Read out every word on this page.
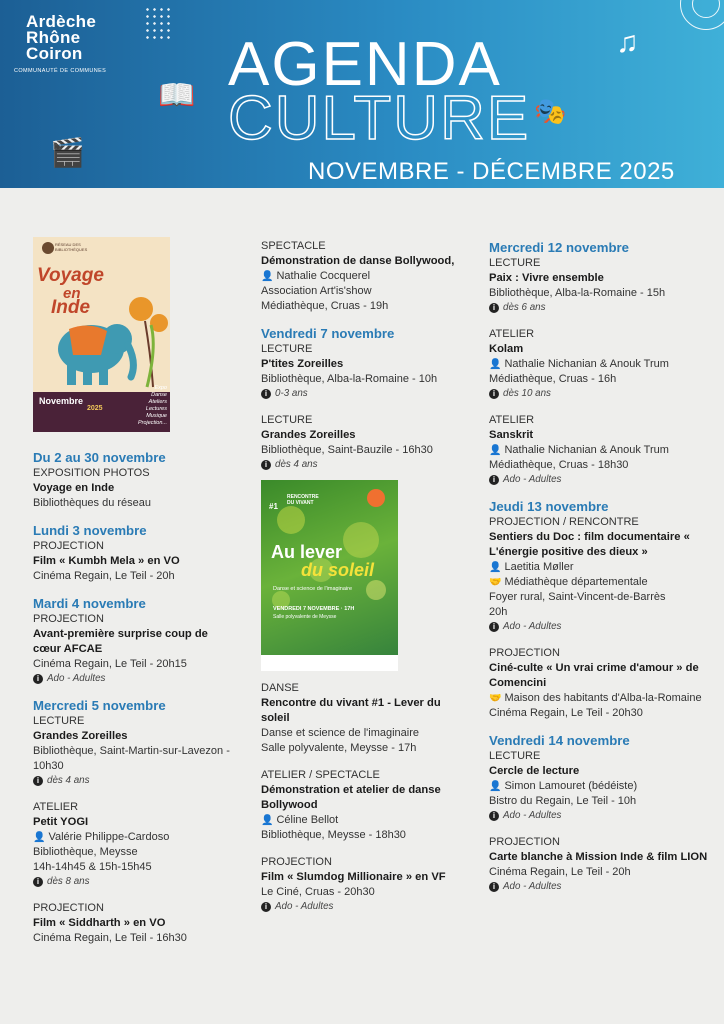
Ardèche
Rhône
Coiron
COMMUNAUTÉ DE COMMUNES
📖
🎬
♫
🎭
AGENDA
CULTURE
NOVEMBRE - DÉCEMBRE 2025
RÉSEAU DES BIBLIOTHÈQUES
Voyage
en
Inde
Novembre
2025
Expo
Danse
Ateliers
Lectures
Musique
Projection...
#1
RENCONTRE DU VIVANT
Au lever
du soleil
Danse et science de l'imaginaire
VENDREDI 7 NOVEMBRE · 17H
Salle polyvalente de Meysse
Du 2 au 30 novembre
EXPOSITION PHOTOS
Voyage en Inde
Bibliothèques du réseau
Lundi 3 novembre
PROJECTION
Film « Kumbh Mela » en VO
Cinéma Regain, Le Teil - 20h
Mardi 4 novembre
PROJECTION
Avant-première surprise coup de cœur AFCAE
Cinéma Regain, Le Teil - 20h15
i Ado - Adultes
Mercredi 5 novembre
LECTURE
Grandes Zoreilles
Bibliothèque, Saint-Martin-sur-Lavezon - 10h30
i dès 4 ans
ATELIER
Petit YOGI
👤 Valérie Philippe-Cardoso
Bibliothèque, Meysse
14h-14h45 & 15h-15h45
i dès 8 ans
PROJECTION
Film « Siddharth » en VO
Cinéma Regain, Le Teil - 16h30
SPECTACLE
Démonstration de danse Bollywood,
👤 Nathalie Cocquerel
Association Art'is'show
Médiathèque, Cruas - 19h
Vendredi 7 novembre
LECTURE
P'tites Zoreilles
Bibliothèque, Alba-la-Romaine - 10h
i 0-3 ans
LECTURE
Grandes Zoreilles
Bibliothèque, Saint-Bauzile - 16h30
i dès 4 ans
DANSE
Rencontre du vivant #1 - Lever du soleil
Danse et science de l'imaginaire
Salle polyvalente, Meysse - 17h
ATELIER / SPECTACLE
Démonstration et atelier de danse Bollywood
👤 Céline Bellot
Bibliothèque, Meysse - 18h30
PROJECTION
Film « Slumdog Millionaire » en VF
Le Ciné, Cruas - 20h30
i Ado - Adultes
Mercredi 12 novembre
LECTURE
Paix : Vivre ensemble
Bibliothèque, Alba-la-Romaine - 15h
i dès 6 ans
ATELIER
Kolam
👤 Nathalie Nichanian & Anouk Trum
Médiathèque, Cruas - 16h
i dès 10 ans
ATELIER
Sanskrit
👤 Nathalie Nichanian & Anouk Trum
Médiathèque, Cruas - 18h30
i Ado - Adultes
Jeudi 13 novembre
PROJECTION / RENCONTRE
Sentiers du Doc : film documentaire « L'énergie positive des dieux »
👤 Laetitia Møller
🤝 Médiathèque départementale
Foyer rural, Saint-Vincent-de-Barrès
20h
i Ado - Adultes
PROJECTION
Ciné-culte « Un vrai crime d'amour » de Comencini
🤝 Maison des habitants d'Alba-la-Romaine
Cinéma Regain, Le Teil - 20h30
Vendredi 14 novembre
LECTURE
Cercle de lecture
👤 Simon Lamouret (bédéiste)
Bistro du Regain, Le Teil - 10h
i Ado - Adultes
PROJECTION
Carte blanche à Mission Inde & film LION
Cinéma Regain, Le Teil - 20h
i Ado - Adultes
